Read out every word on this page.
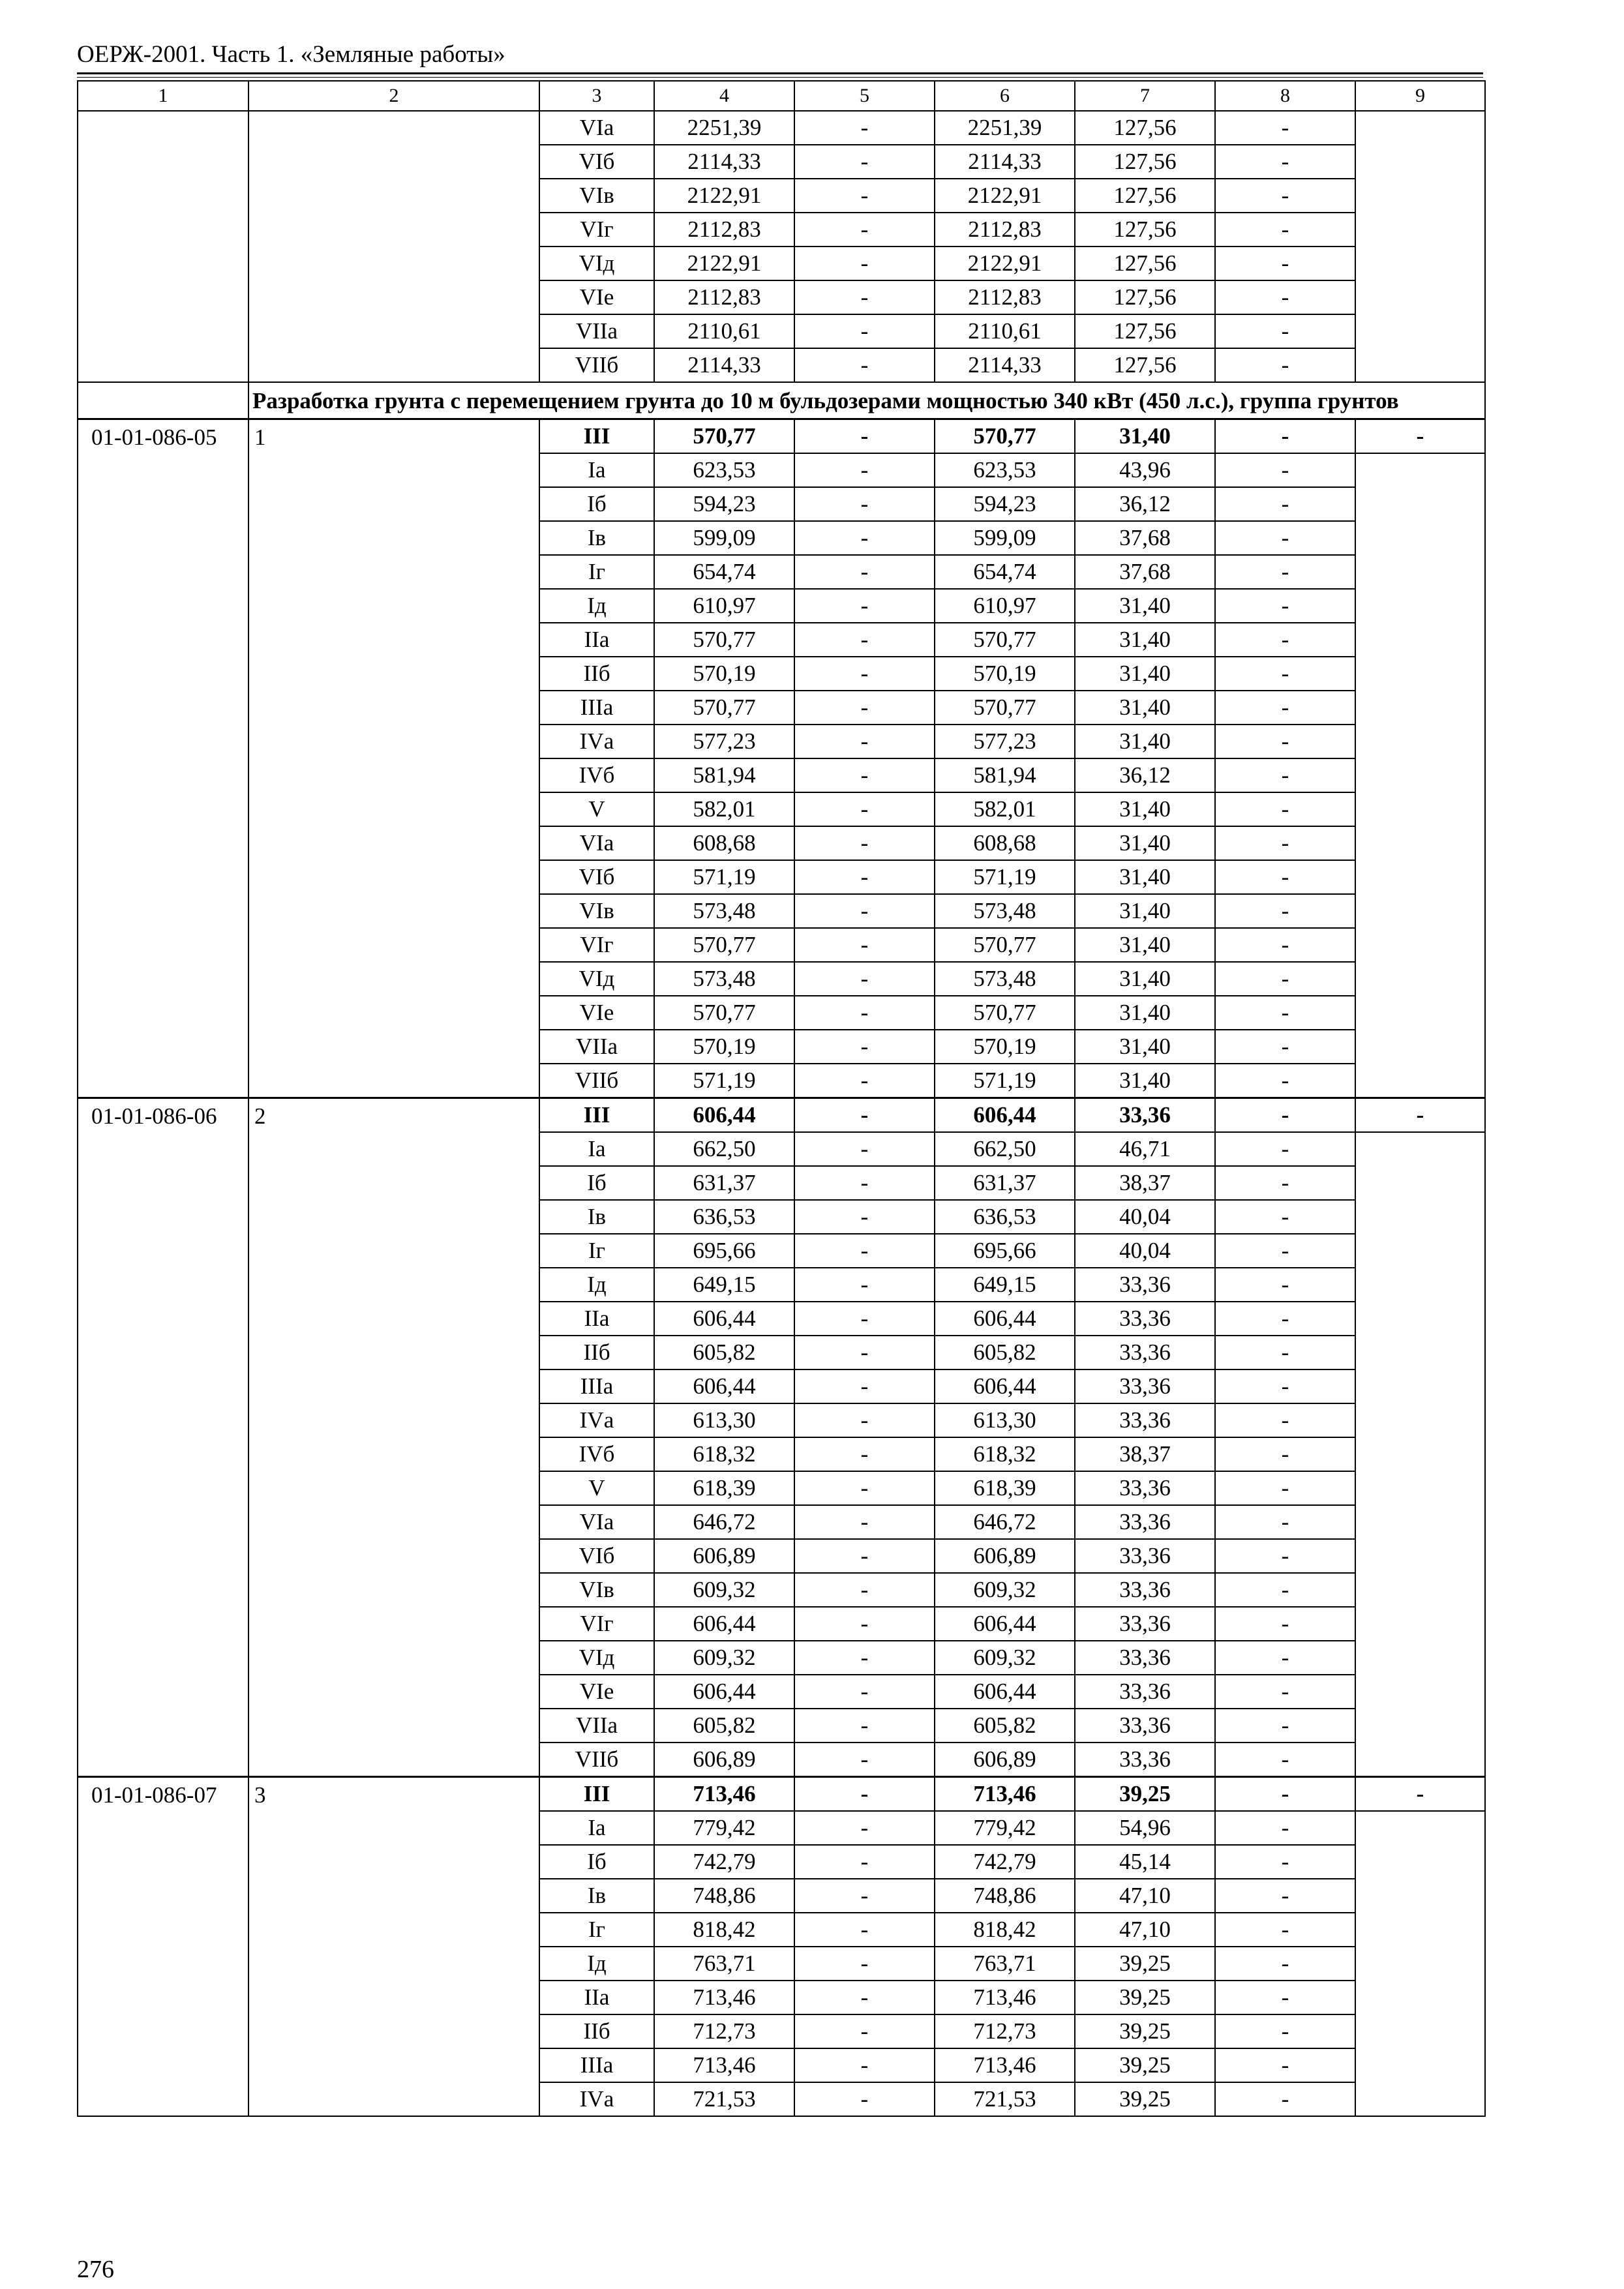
ОЕРЖ-2001. Часть 1. «Земляные работы»
1	2	3	4	5	6	7	8	9
		VIа	2251,39	-	2251,39	127,56	-	
		VIб	2114,33	-	2114,33	127,56	-	
		VIв	2122,91	-	2122,91	127,56	-	
		VIг	2112,83	-	2112,83	127,56	-	
		VIд	2122,91	-	2122,91	127,56	-	
		VIе	2112,83	-	2112,83	127,56	-	
		VIIа	2110,61	-	2110,61	127,56	-	
		VIIб	2114,33	-	2114,33	127,56	-	
	Разработка грунта с перемещением грунта до 10 м бульдозерами мощностью 340 кВт (450 л.с.), группа грунтов							
01-01-086-05	1	III	570,77	-	570,77	31,40	-	-
		Iа	623,53	-	623,53	43,96	-	
		Iб	594,23	-	594,23	36,12	-	
		Iв	599,09	-	599,09	37,68	-	
		Iг	654,74	-	654,74	37,68	-	
		Iд	610,97	-	610,97	31,40	-	
		IIа	570,77	-	570,77	31,40	-	
		IIб	570,19	-	570,19	31,40	-	
		IIIа	570,77	-	570,77	31,40	-	
		IVа	577,23	-	577,23	31,40	-	
		IVб	581,94	-	581,94	36,12	-	
		V	582,01	-	582,01	31,40	-	
		VIа	608,68	-	608,68	31,40	-	
		VIб	571,19	-	571,19	31,40	-	
		VIв	573,48	-	573,48	31,40	-	
		VIг	570,77	-	570,77	31,40	-	
		VIд	573,48	-	573,48	31,40	-	
		VIе	570,77	-	570,77	31,40	-	
		VIIа	570,19	-	570,19	31,40	-	
		VIIб	571,19	-	571,19	31,40	-	
01-01-086-06	2	III	606,44	-	606,44	33,36	-	-
		Iа	662,50	-	662,50	46,71	-	
		Iб	631,37	-	631,37	38,37	-	
		Iв	636,53	-	636,53	40,04	-	
		Iг	695,66	-	695,66	40,04	-	
		Iд	649,15	-	649,15	33,36	-	
		IIа	606,44	-	606,44	33,36	-	
		IIб	605,82	-	605,82	33,36	-	
		IIIа	606,44	-	606,44	33,36	-	
		IVа	613,30	-	613,30	33,36	-	
		IVб	618,32	-	618,32	38,37	-	
		V	618,39	-	618,39	33,36	-	
		VIа	646,72	-	646,72	33,36	-	
		VIб	606,89	-	606,89	33,36	-	
		VIв	609,32	-	609,32	33,36	-	
		VIг	606,44	-	606,44	33,36	-	
		VIд	609,32	-	609,32	33,36	-	
		VIе	606,44	-	606,44	33,36	-	
		VIIа	605,82	-	605,82	33,36	-	
		VIIб	606,89	-	606,89	33,36	-	
01-01-086-07	3	III	713,46	-	713,46	39,25	-	-
		Iа	779,42	-	779,42	54,96	-	
		Iб	742,79	-	742,79	45,14	-	
		Iв	748,86	-	748,86	47,10	-	
		Iг	818,42	-	818,42	47,10	-	
		Iд	763,71	-	763,71	39,25	-	
		IIа	713,46	-	713,46	39,25	-	
		IIб	712,73	-	712,73	39,25	-	
		IIIа	713,46	-	713,46	39,25	-	
		IVа	721,53	-	721,53	39,25	-	
276
